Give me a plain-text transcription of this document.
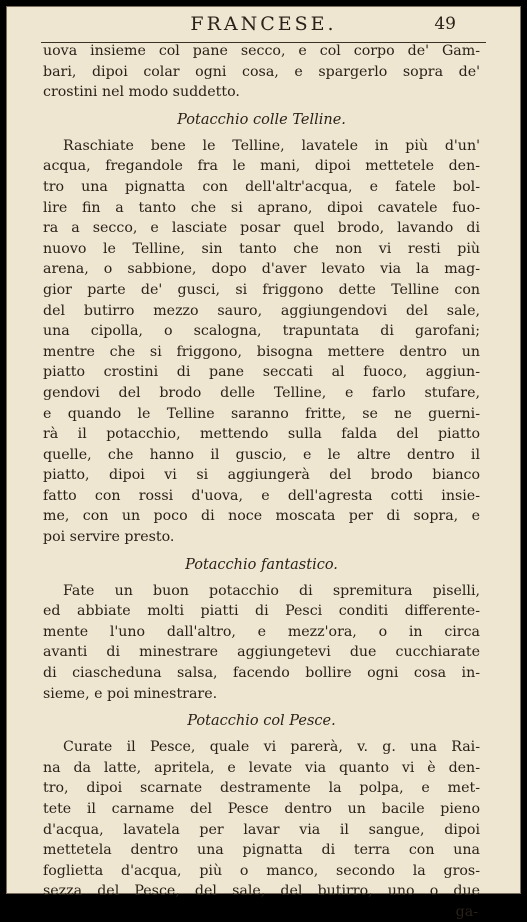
FRANCESE.	49
uova insieme col pane secco, e col corpo de' Gam-
bari, dipoi colar ogni cosa, e spargerlo sopra de'
crostini nel modo suddetto.
Potacchio colle Telline.
Raschiate bene le Telline, lavatele in più d'un'
acqua, fregandole fra le mani, dipoi mettetele den-
tro una pignatta con dell'altr'acqua, e fatele bol-
lire fin a tanto che si aprano, dipoi cavatele fuo-
ra a secco, e lasciate posar quel brodo, lavando di
nuovo le Telline, sin tanto che non vi resti più
arena, o sabbione, dopo d'aver levato via la mag-
gior parte de' gusci, si friggono dette Telline con
del butirro mezzo sauro, aggiungendovi del sale,
una cipolla, o scalogna, trapuntata di garofani;
mentre che si friggono, bisogna mettere dentro un
piatto crostini di pane seccati al fuoco, aggiun-
gendovi del brodo delle Telline, e farlo stufare,
e quando le Telline saranno fritte, se ne guerni-
rà il potacchio, mettendo sulla falda del piatto
quelle, che hanno il guscio, e le altre dentro il
piatto, dipoi vi si aggiungerà del brodo bianco
fatto con rossi d'uova, e dell'agresta cotti insie-
me, con un poco di noce moscata per di sopra, e
poi servire presto.
Potacchio fantastico.
Fate un buon potacchio di spremitura piselli,
ed abbiate molti piatti di Pesci conditi differente-
mente l'uno dall'altro, e mezz'ora, o in circa
avanti di minestrare aggiungetevi due cucchiarate
di ciascheduna salsa, facendo bollire ogni cosa in-
sieme, e poi minestrare.
Potacchio col Pesce.
Curate il Pesce, quale vi parerà, v. g. una Rai-
na da latte, apritela, e levate via quanto vi è den-
tro, dipoi scarnate destramente la polpa, e met-
tete il carname del Pesce dentro un bacile pieno
d'acqua, lavatela per lavar via il sangue, dipoi
mettetela dentro una pignatta di terra con una
foglietta d'acqua, più o manco, secondo la gros-
sezza del Pesce, del sale, del butirro, uno o due
ga-
